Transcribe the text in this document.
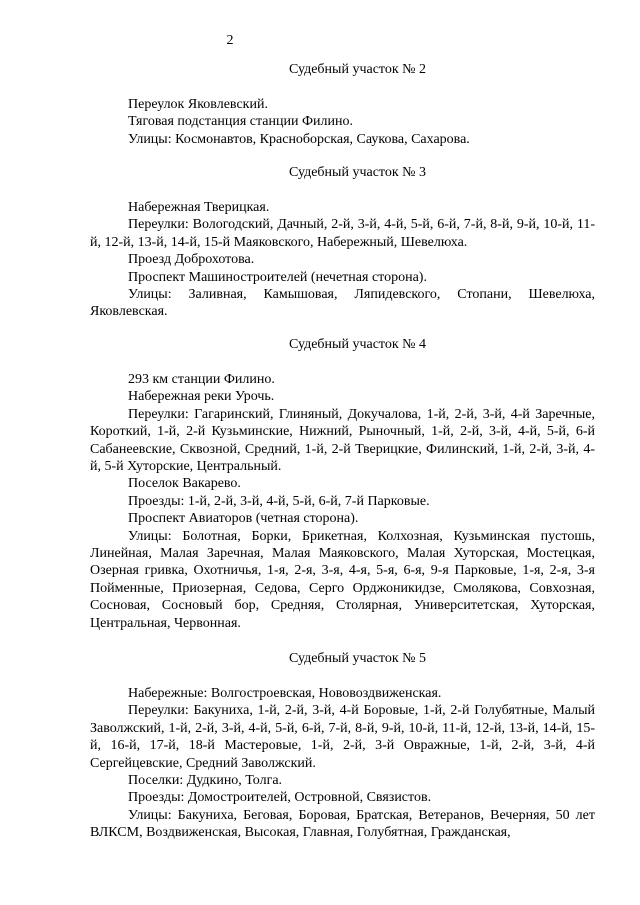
2
Судебный участок № 2

Переулок Яковлевский.

Тяговая подстанция станции Филино.

Улицы: Космонавтов, Красноборская, Саукова, Сахарова.

Судебный участок № 3

Набережная Тверицкая.

Переулки: Вологодский, Дачный, 2-й, 3-й, 4-й, 5-й, 6-й, 7-й, 8-й, 9-й, 10-й, 11-й, 12-й, 13-й, 14-й, 15-й Маяковского, Набережный, Шевелюха.

Проезд Доброхотова.

Проспект Машиностроителей (нечетная сторона).

Улицы: Заливная, Камышовая, Ляпидевского, Стопани, Шевелюха, Яковлевская.

Судебный участок № 4

293 км станции Филино.

Набережная реки Урочь.

Переулки: Гагаринский, Глиняный, Докучалова, 1-й, 2-й, 3-й, 4-й Заречные, Короткий, 1-й, 2-й Кузьминские, Нижний, Рыночный, 1-й, 2-й, 3-й, 4-й, 5-й, 6-й Сабанеевские, Сквозной, Средний, 1-й, 2-й Тверицкие, Филинский, 1-й, 2-й, 3-й, 4-й, 5-й Хуторские, Центральный.

Поселок Вакарево.

Проезды: 1-й, 2-й, 3-й, 4-й, 5-й, 6-й, 7-й Парковые.

Проспект Авиаторов (четная сторона).

Улицы: Болотная, Борки, Брикетная, Колхозная, Кузьминская пустошь, Линейная, Малая Заречная, Малая Маяковского, Малая Хуторская, Мостецкая, Озерная гривка, Охотничья, 1-я, 2-я, 3-я, 4-я, 5-я, 6-я, 9-я Парковые, 1-я, 2-я, 3-я Пойменные, Приозерная, Седова, Серго Орджоникидзе, Смолякова, Совхозная, Сосновая, Сосновый бор, Средняя, Столярная, Университетская, Хуторская, Центральная, Червонная.

Судебный участок № 5

Набережные: Волгостроевская, Нововоздвиженская.

Переулки: Бакуниха, 1-й, 2-й, 3-й, 4-й Боровые, 1-й, 2-й Голубятные, Малый Заволжский, 1-й, 2-й, 3-й, 4-й, 5-й, 6-й, 7-й, 8-й, 9-й, 10-й, 11-й, 12-й, 13-й, 14-й, 15-й, 16-й, 17-й, 18-й Мастеровые, 1-й, 2-й, 3-й Овражные, 1-й, 2-й, 3-й, 4-й Сергейцевские, Средний Заволжский.

Поселки: Дудкино, Толга.

Проезды: Домостроителей, Островной, Связистов.

Улицы: Бакуниха, Беговая, Боровая, Братская, Ветеранов, Вечерняя, 50 лет ВЛКСМ, Воздвиженская, Высокая, Главная, Голубятная, Гражданская,
